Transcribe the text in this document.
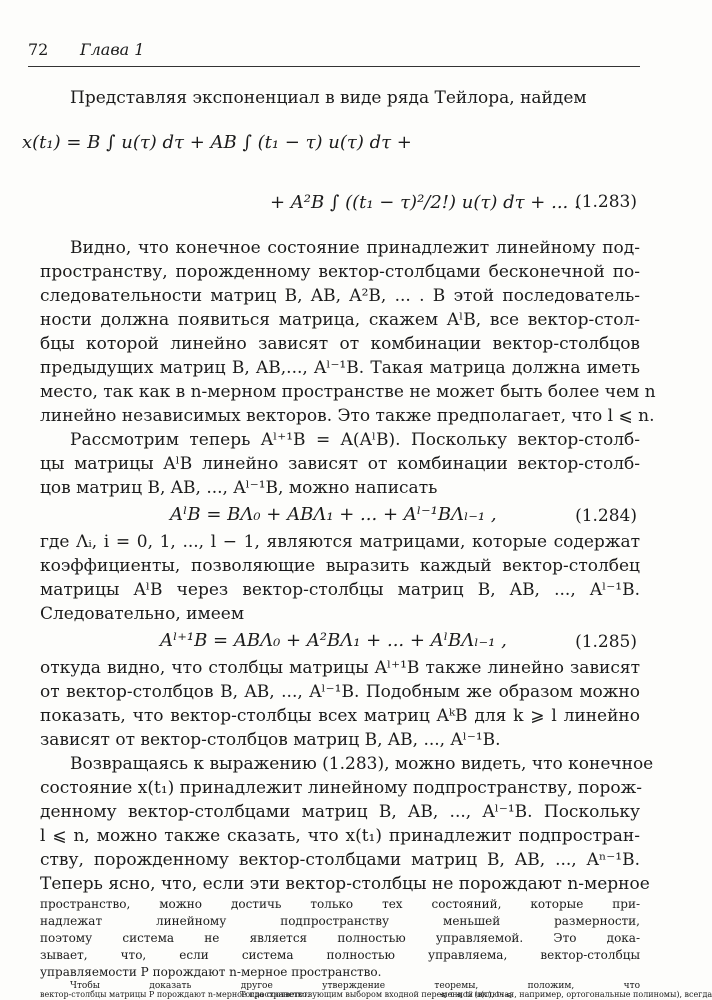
72 Глава 1
Представляя экспоненциал в виде ряда Тейлора, найдем
x(t₁) = B ∫ u(τ) dτ + AB ∫ (t₁ − τ) u(τ) dτ +
+ A²B ∫ ((t₁ − τ)²/2!) u(τ) dτ + ... .
(1.283)
Видно, что конечное состояние принадлежит линейному под-
пространству, порожденному вектор-столбцами бесконечной по-
следовательности матриц B, AB, A²B, ... . В этой последователь-
ности должна появиться матрица, скажем AˡB, все вектор-стол-
бцы которой линейно зависят от комбинации вектор-столбцов
предыдущих матриц B, AB,..., Aˡ⁻¹B. Такая матрица должна иметь
место, так как в n-мерном пространстве не может быть более чем n
линейно независимых векторов. Это также предполагает, что l ⩽ n.
Рассмотрим теперь Aˡ⁺¹B = A(AˡB). Поскольку вектор-столб-
цы матрицы AˡB линейно зависят от комбинации вектор-столб-
цов матриц B, AB, ..., Aˡ⁻¹B, можно написать
AˡB = BΛ₀ + ABΛ₁ + ... + Aˡ⁻¹BΛₗ₋₁ ,	(1.284)
где Λᵢ, i = 0, 1, ..., l − 1, являются матрицами, которые содержат
коэффициенты, позволяющие выразить каждый вектор-столбец
матрицы AˡB через вектор-столбцы матриц B, AB, ..., Aˡ⁻¹B.
Следовательно, имеем
Aˡ⁺¹B = ABΛ₀ + A²BΛ₁ + ... + AˡBΛₗ₋₁ ,	(1.285)
откуда видно, что столбцы матрицы Aˡ⁺¹B также линейно зависят
от вектор-столбцов B, AB, ..., Aˡ⁻¹B. Подобным же образом можно
показать, что вектор-столбцы всех матриц AᵏB для k ⩾ l линейно
зависят от вектор-столбцов матриц B, AB, ..., Aˡ⁻¹B.
Возвращаясь к выражению (1.283), можно видеть, что конечное
состояние x(t₁) принадлежит линейному подпространству, порож-
денному вектор-столбцами матриц B, AB, ..., Aˡ⁻¹B. Поскольку
l ⩽ n, можно также сказать, что x(t₁) принадлежит подпростран-
ству, порожденному вектор-столбцами матриц B, AB, ..., Aⁿ⁻¹B.
Теперь ясно, что, если эти вектор-столбцы не порождают n-мерное
пространство, можно достичь только тех состояний, которые при-
надлежат линейному подпространству меньшей размерности,
поэтому система не является полностью управляемой. Это дока-
зывает, что, если система полностью управляема, вектор-столбцы
управляемости P порождают n-мерное пространство.
Чтобы доказать другое утверждение теоремы, положим, что
вектор-столбцы матрицы P порождают n-мерное пространство.
Тогда соответствующим выбором входной переменной u(τ), t₀ ⩽
⩽ τ ⩽ t₁ (включая, например, ортогональные полиномы), всегда
